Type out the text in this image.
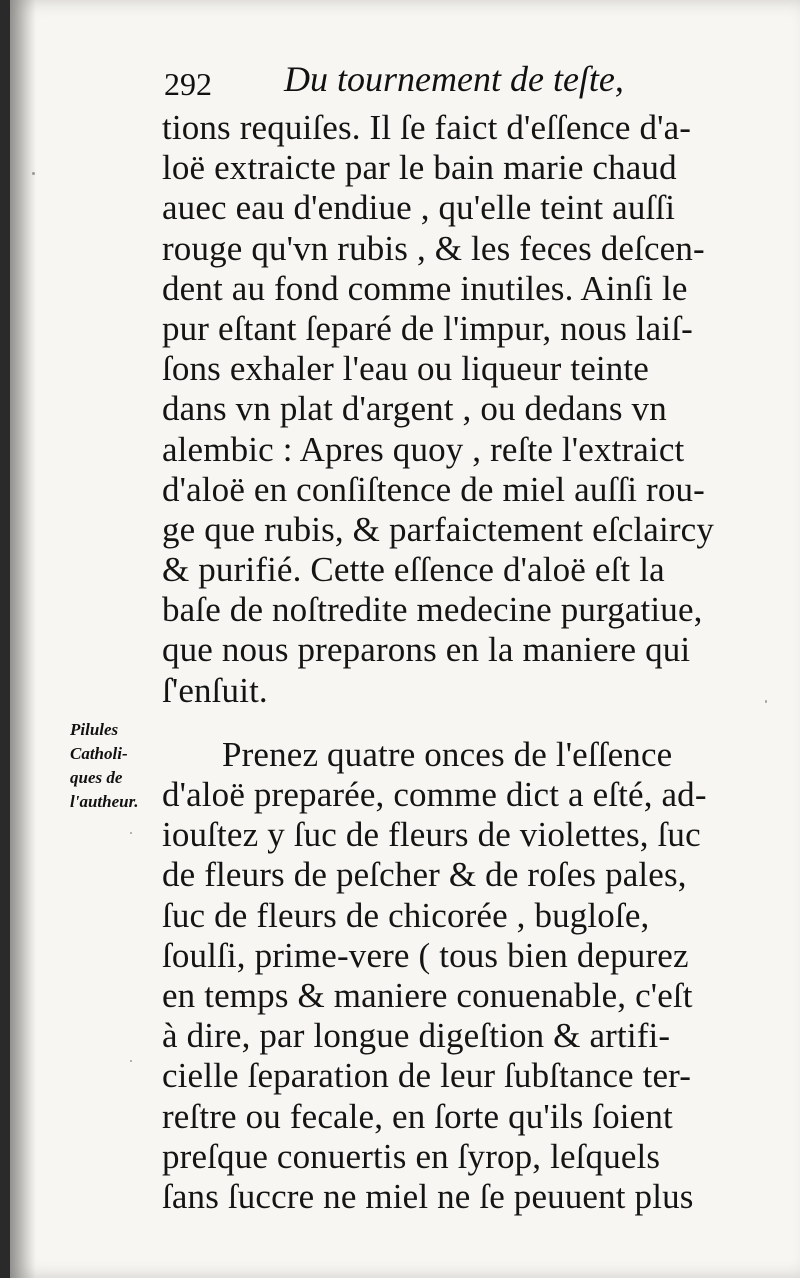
292 Du tournement de teſte,
Pilules
Catholi-
ques de
l'autheur.
tions requiſes. Il ſe faict d'eſſence d'a-
loë extraicte par le bain marie chaud
auec eau d'endiue , qu'elle teint auſſi
rouge qu'vn rubis , & les feces deſcen-
dent au fond comme inutiles. Ainſi le
pur eſtant ſeparé de l'impur, nous laiſ-
ſons exhaler l'eau ou liqueur teinte
dans vn plat d'argent , ou dedans vn
alembic : Apres quoy , reſte l'extraict
d'aloë en conſiſtence de miel auſſi rou-
ge que rubis, & parfaictement eſclaircy
& purifié. Cette eſſence d'aloë eſt la
baſe de noſtredite medecine purgatiue,
que nous preparons en la maniere qui
ſ'enſuit.
Prenez quatre onces de l'eſſence
d'aloë preparée, comme dict a eſté, ad-
iouſtez y ſuc de fleurs de violettes, ſuc
de fleurs de peſcher & de roſes pales,
ſuc de fleurs de chicorée , bugloſe,
ſoulſi, prime-vere ( tous bien depurez
en temps & maniere conuenable, c'eſt
à dire, par longue digeſtion & artifi-
cielle ſeparation de leur ſubſtance ter-
reſtre ou fecale, en ſorte qu'ils ſoient
preſque conuertis en ſyrop, leſquels
ſans ſuccre ne miel ne ſe peuuent plus
